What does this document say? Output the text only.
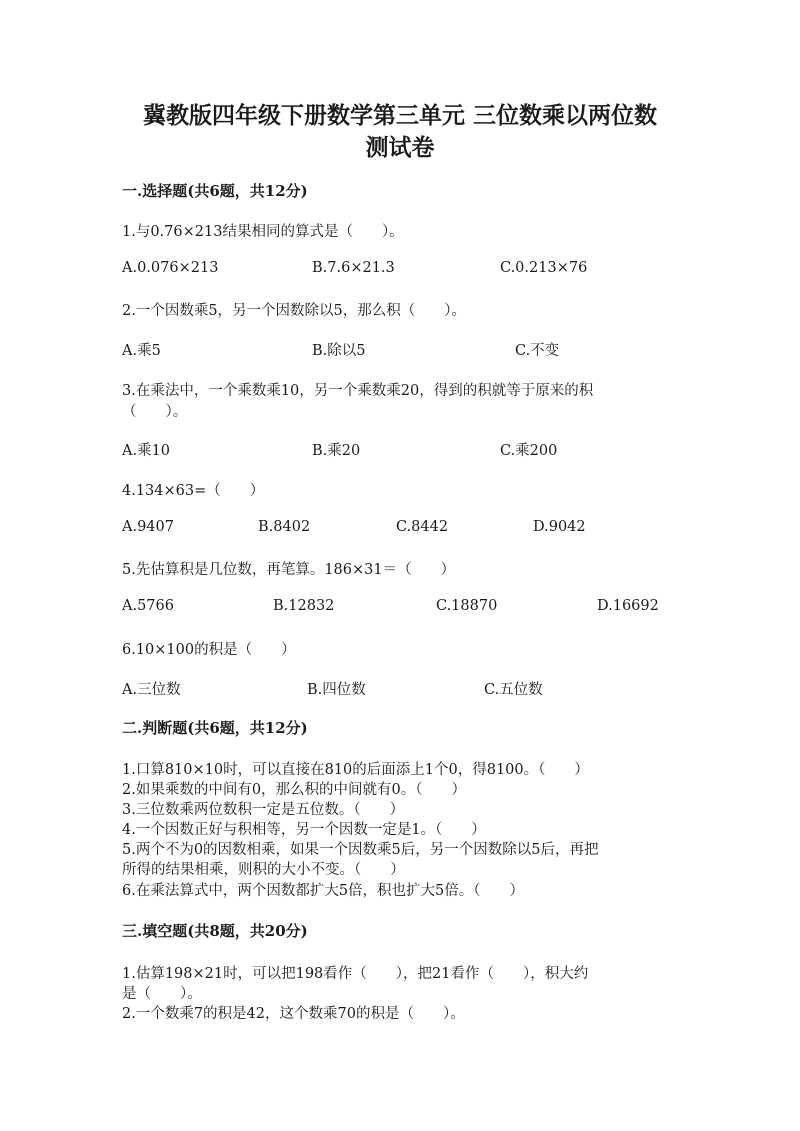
冀教版四年级下册数学第三单元 三位数乘以两位数

测试卷

一.选择题(共6题，共12分)

1.与0.76×213结果相同的算式是（　　）。

A.0.076×213	B.7.6×21.3	C.0.213×76

2.一个因数乘5，另一个因数除以5，那么积（　　）。

A.乘5	B.除以5	C.不变

3.在乘法中，一个乘数乘10，另一个乘数乘20，得到的积就等于原来的积

（　　）。

A.乘10	B.乘20	C.乘200

4.134×63=（　　）

A.9407	B.8402	C.8442	D.9042

5.先估算积是几位数，再笔算。186×31＝（　　）

A.5766	B.12832	C.18870	D.16692

6.10×100的积是（　　）

A.三位数	B.四位数	C.五位数

二.判断题(共6题，共12分)

1.口算810×10时，可以直接在810的后面添上1个0，得8100。（　　）

2.如果乘数的中间有0，那么积的中间就有0。（　　）

3.三位数乘两位数积一定是五位数。（　　）

4.一个因数正好与积相等，另一个因数一定是1。（　　）

5.两个不为0的因数相乘，如果一个因数乘5后，另一个因数除以5后，再把

所得的结果相乘，则积的大小不变。（　　）

6.在乘法算式中，两个因数都扩大5倍，积也扩大5倍。（　　）

三.填空题(共8题，共20分)

1.估算198×21时，可以把198看作（　　），把21看作（　　），积大约

是（　　）。

2.一个数乘7的积是42，这个数乘70的积是（　　）。
